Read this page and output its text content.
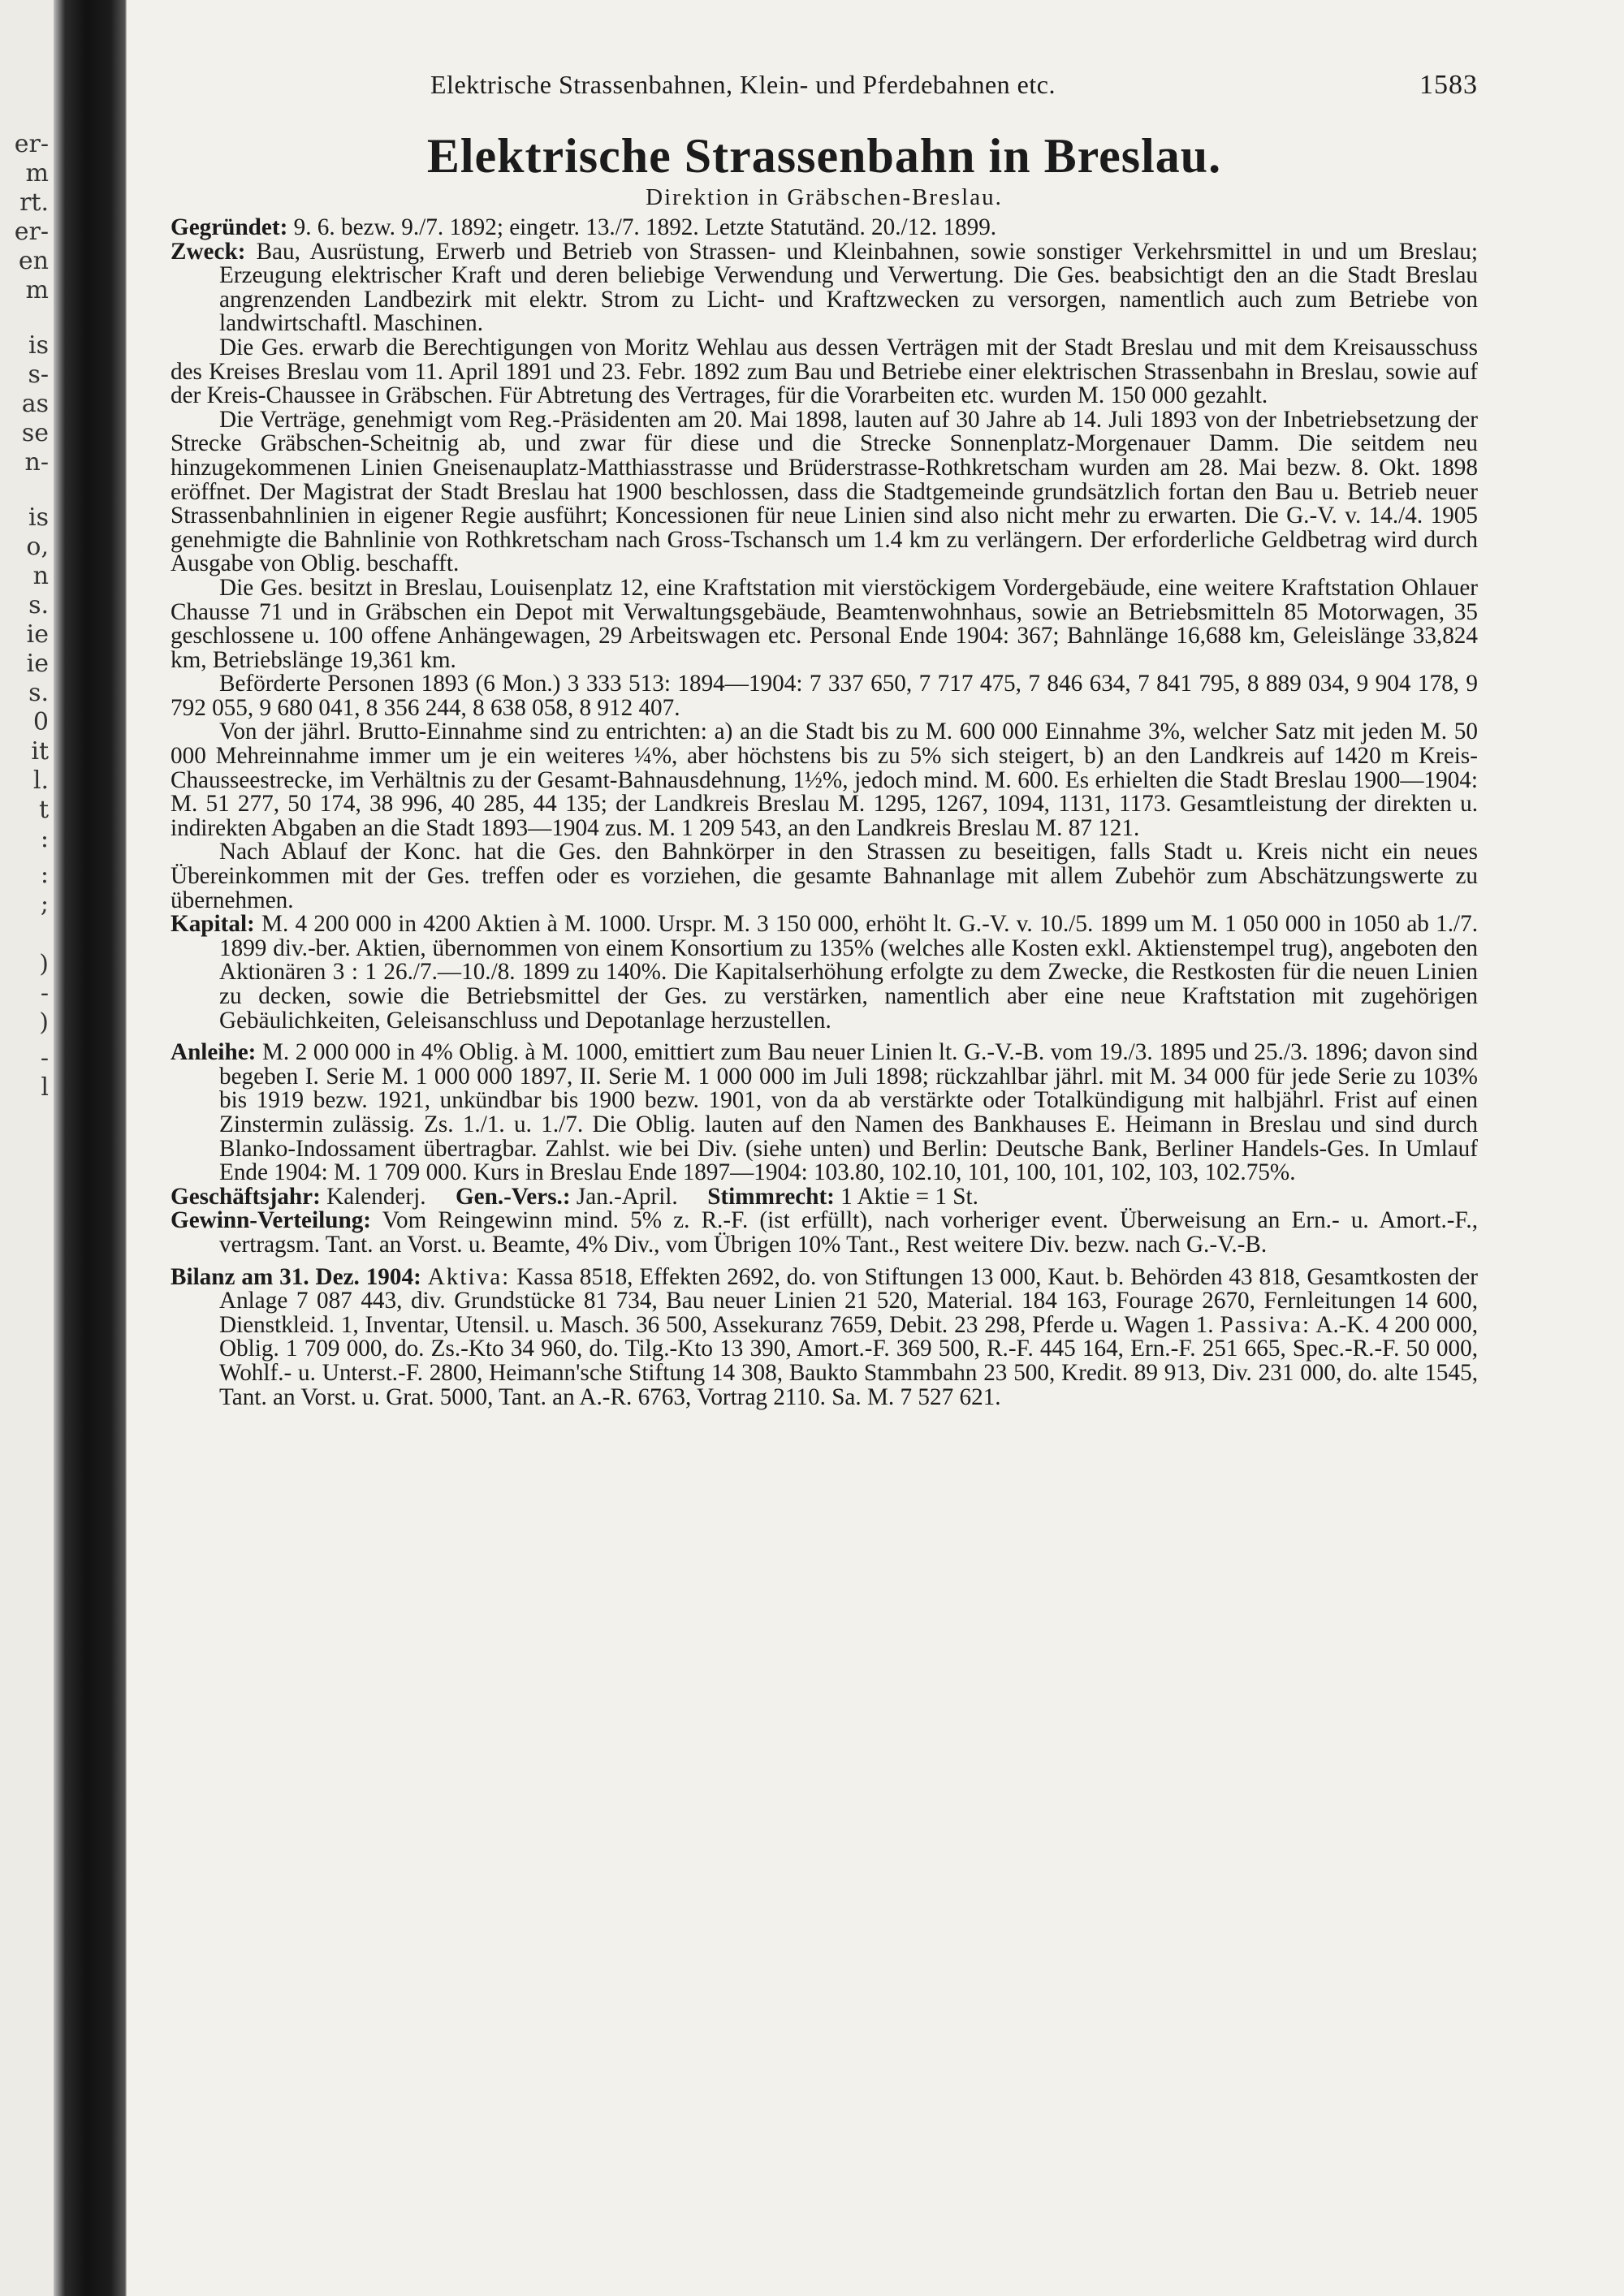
er-
m
rt.
er-
en
m
is
s-
as
se
n-
is
o,
n
s.
ie
ie
s.
0
it
l.
t
:
:
;
)
-
)
-
l
Elektrische Strassenbahnen, Klein- und Pferdebahnen etc.	1583
Elektrische Strassenbahn in Breslau.
Direktion in Gräbschen-Breslau.

Gegründet: 9. 6. bezw. 9./7. 1892; eingetr. 13./7. 1892. Letzte Statutänd. 20./12. 1899.

Zweck: Bau, Ausrüstung, Erwerb und Betrieb von Strassen- und Kleinbahnen, sowie sonstiger Verkehrsmittel in und um Breslau; Erzeugung elektrischer Kraft und deren beliebige Verwendung und Verwertung. Die Ges. beabsichtigt den an die Stadt Breslau angrenzenden Landbezirk mit elektr. Strom zu Licht- und Kraftzwecken zu versorgen, namentlich auch zum Betriebe von landwirtschaftl. Maschinen.

Die Ges. erwarb die Berechtigungen von Moritz Wehlau aus dessen Verträgen mit der Stadt Breslau und mit dem Kreisausschuss des Kreises Breslau vom 11. April 1891 und 23. Febr. 1892 zum Bau und Betriebe einer elektrischen Strassenbahn in Breslau, sowie auf der Kreis-Chaussee in Gräbschen. Für Abtretung des Vertrages, für die Vorarbeiten etc. wurden M. 150 000 gezahlt.

Die Verträge, genehmigt vom Reg.-Präsidenten am 20. Mai 1898, lauten auf 30 Jahre ab 14. Juli 1893 von der Inbetriebsetzung der Strecke Gräbschen-Scheitnig ab, und zwar für diese und die Strecke Sonnenplatz-Morgenauer Damm. Die seitdem neu hinzugekommenen Linien Gneisenauplatz-Matthiasstrasse und Brüderstrasse-Rothkretscham wurden am 28. Mai bezw. 8. Okt. 1898 eröffnet. Der Magistrat der Stadt Breslau hat 1900 beschlossen, dass die Stadtgemeinde grundsätzlich fortan den Bau u. Betrieb neuer Strassenbahnlinien in eigener Regie ausführt; Koncessionen für neue Linien sind also nicht mehr zu erwarten. Die G.-V. v. 14./4. 1905 genehmigte die Bahnlinie von Rothkretscham nach Gross-Tschansch um 1.4 km zu verlängern. Der erforderliche Geldbetrag wird durch Ausgabe von Oblig. beschafft.

Die Ges. besitzt in Breslau, Louisenplatz 12, eine Kraftstation mit vierstöckigem Vordergebäude, eine weitere Kraftstation Ohlauer Chausse 71 und in Gräbschen ein Depot mit Verwaltungsgebäude, Beamtenwohnhaus, sowie an Betriebsmitteln 85 Motorwagen, 35 geschlossene u. 100 offene Anhängewagen, 29 Arbeitswagen etc. Personal Ende 1904: 367; Bahnlänge 16,688 km, Geleislänge 33,824 km, Betriebslänge 19,361 km.

Beförderte Personen 1893 (6 Mon.) 3 333 513: 1894—1904: 7 337 650, 7 717 475, 7 846 634, 7 841 795, 8 889 034, 9 904 178, 9 792 055, 9 680 041, 8 356 244, 8 638 058, 8 912 407.

Von der jährl. Brutto-Einnahme sind zu entrichten: a) an die Stadt bis zu M. 600 000 Einnahme 3%, welcher Satz mit jeden M. 50 000 Mehreinnahme immer um je ein weiteres ¼%, aber höchstens bis zu 5% sich steigert, b) an den Landkreis auf 1420 m Kreis-Chausseestrecke, im Verhältnis zu der Gesamt-Bahnausdehnung, 1½%, jedoch mind. M. 600. Es erhielten die Stadt Breslau 1900—1904: M. 51 277, 50 174, 38 996, 40 285, 44 135; der Landkreis Breslau M. 1295, 1267, 1094, 1131, 1173. Gesamtleistung der direkten u. indirekten Abgaben an die Stadt 1893—1904 zus. M. 1 209 543, an den Landkreis Breslau M. 87 121.

Nach Ablauf der Konc. hat die Ges. den Bahnkörper in den Strassen zu beseitigen, falls Stadt u. Kreis nicht ein neues Übereinkommen mit der Ges. treffen oder es vorziehen, die gesamte Bahnanlage mit allem Zubehör zum Abschätzungswerte zu übernehmen.

Kapital: M. 4 200 000 in 4200 Aktien à M. 1000. Urspr. M. 3 150 000, erhöht lt. G.-V. v. 10./5. 1899 um M. 1 050 000 in 1050 ab 1./7. 1899 div.-ber. Aktien, übernommen von einem Konsortium zu 135% (welches alle Kosten exkl. Aktienstempel trug), angeboten den Aktionären 3 : 1 26./7.—10./8. 1899 zu 140%. Die Kapitalserhöhung erfolgte zu dem Zwecke, die Restkosten für die neuen Linien zu decken, sowie die Betriebsmittel der Ges. zu verstärken, namentlich aber eine neue Kraftstation mit zugehörigen Gebäulichkeiten, Geleisanschluss und Depotanlage herzustellen.

Anleihe: M. 2 000 000 in 4% Oblig. à M. 1000, emittiert zum Bau neuer Linien lt. G.-V.-B. vom 19./3. 1895 und 25./3. 1896; davon sind begeben I. Serie M. 1 000 000 1897, II. Serie M. 1 000 000 im Juli 1898; rückzahlbar jährl. mit M. 34 000 für jede Serie zu 103% bis 1919 bezw. 1921, unkündbar bis 1900 bezw. 1901, von da ab verstärkte oder Totalkündigung mit halbjährl. Frist auf einen Zinstermin zulässig. Zs. 1./1. u. 1./7. Die Oblig. lauten auf den Namen des Bankhauses E. Heimann in Breslau und sind durch Blanko-Indossament übertragbar. Zahlst. wie bei Div. (siehe unten) und Berlin: Deutsche Bank, Berliner Handels-Ges. In Umlauf Ende 1904: M. 1 709 000. Kurs in Breslau Ende 1897—1904: 103.80, 102.10, 101, 100, 101, 102, 103, 102.75%.

Geschäftsjahr: Kalenderj. Gen.-Vers.: Jan.-April. Stimmrecht: 1 Aktie = 1 St.

Gewinn-Verteilung: Vom Reingewinn mind. 5% z. R.-F. (ist erfüllt), nach vorheriger event. Überweisung an Ern.- u. Amort.-F., vertragsm. Tant. an Vorst. u. Beamte, 4% Div., vom Übrigen 10% Tant., Rest weitere Div. bezw. nach G.-V.-B.

Bilanz am 31. Dez. 1904: Aktiva: Kassa 8518, Effekten 2692, do. von Stiftungen 13 000, Kaut. b. Behörden 43 818, Gesamtkosten der Anlage 7 087 443, div. Grundstücke 81 734, Bau neuer Linien 21 520, Material. 184 163, Fourage 2670, Fernleitungen 14 600, Dienstkleid. 1, Inventar, Utensil. u. Masch. 36 500, Assekuranz 7659, Debit. 23 298, Pferde u. Wagen 1. Passiva: A.-K. 4 200 000, Oblig. 1 709 000, do. Zs.-Kto 34 960, do. Tilg.-Kto 13 390, Amort.-F. 369 500, R.-F. 445 164, Ern.-F. 251 665, Spec.-R.-F. 50 000, Wohlf.- u. Unterst.-F. 2800, Heimann'sche Stiftung 14 308, Baukto Stammbahn 23 500, Kredit. 89 913, Div. 231 000, do. alte 1545, Tant. an Vorst. u. Grat. 5000, Tant. an A.-R. 6763, Vortrag 2110. Sa. M. 7 527 621.
